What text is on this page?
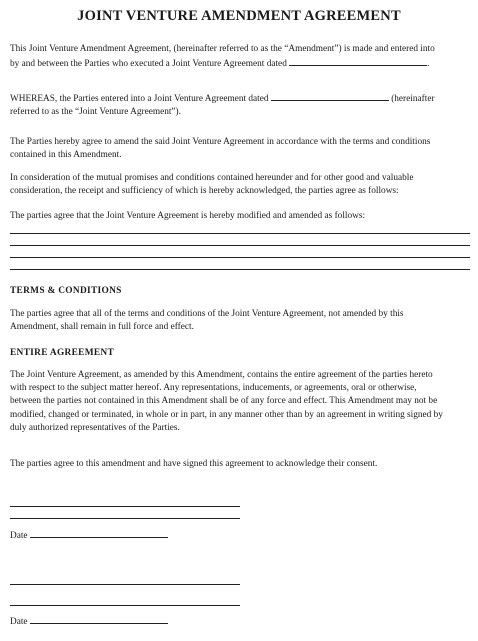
JOINT VENTURE AMENDMENT AGREEMENT
This Joint Venture Amendment Agreement, (hereinafter referred to as the “Amendment”) is made and entered into
by and between the Parties who executed a Joint Venture Agreement dated	.
WHEREAS, the Parties entered into a Joint Venture Agreement dated	(hereinafter
referred to as the “Joint Venture Agreement”).
The Parties hereby agree to amend the said Joint Venture Agreement in accordance with the terms and conditions
contained in this Amendment.
In consideration of the mutual promises and conditions contained hereunder and for other good and valuable
consideration, the receipt and sufficiency of which is hereby acknowledged, the parties agree as follows:
The parties agree that the Joint Venture Agreement is hereby modified and amended as follows:
TERMS & CONDITIONS
The parties agree that all of the terms and conditions of the Joint Venture Agreement, not amended by this
Amendment, shall remain in full force and effect.
ENTIRE AGREEMENT
The Joint Venture Agreement, as amended by this Amendment, contains the entire agreement of the parties hereto
with respect to the subject matter hereof. Any representations, inducements, or agreements, oral or otherwise,
between the parties not contained in this Amendment shall be of any force and effect. This Amendment may not be
modified, changed or terminated, in whole or in part, in any manner other than by an agreement in writing signed by
duly authorized representatives of the Parties.
The parties agree to this amendment and have signed this agreement to acknowledge their consent.
Date
Date
